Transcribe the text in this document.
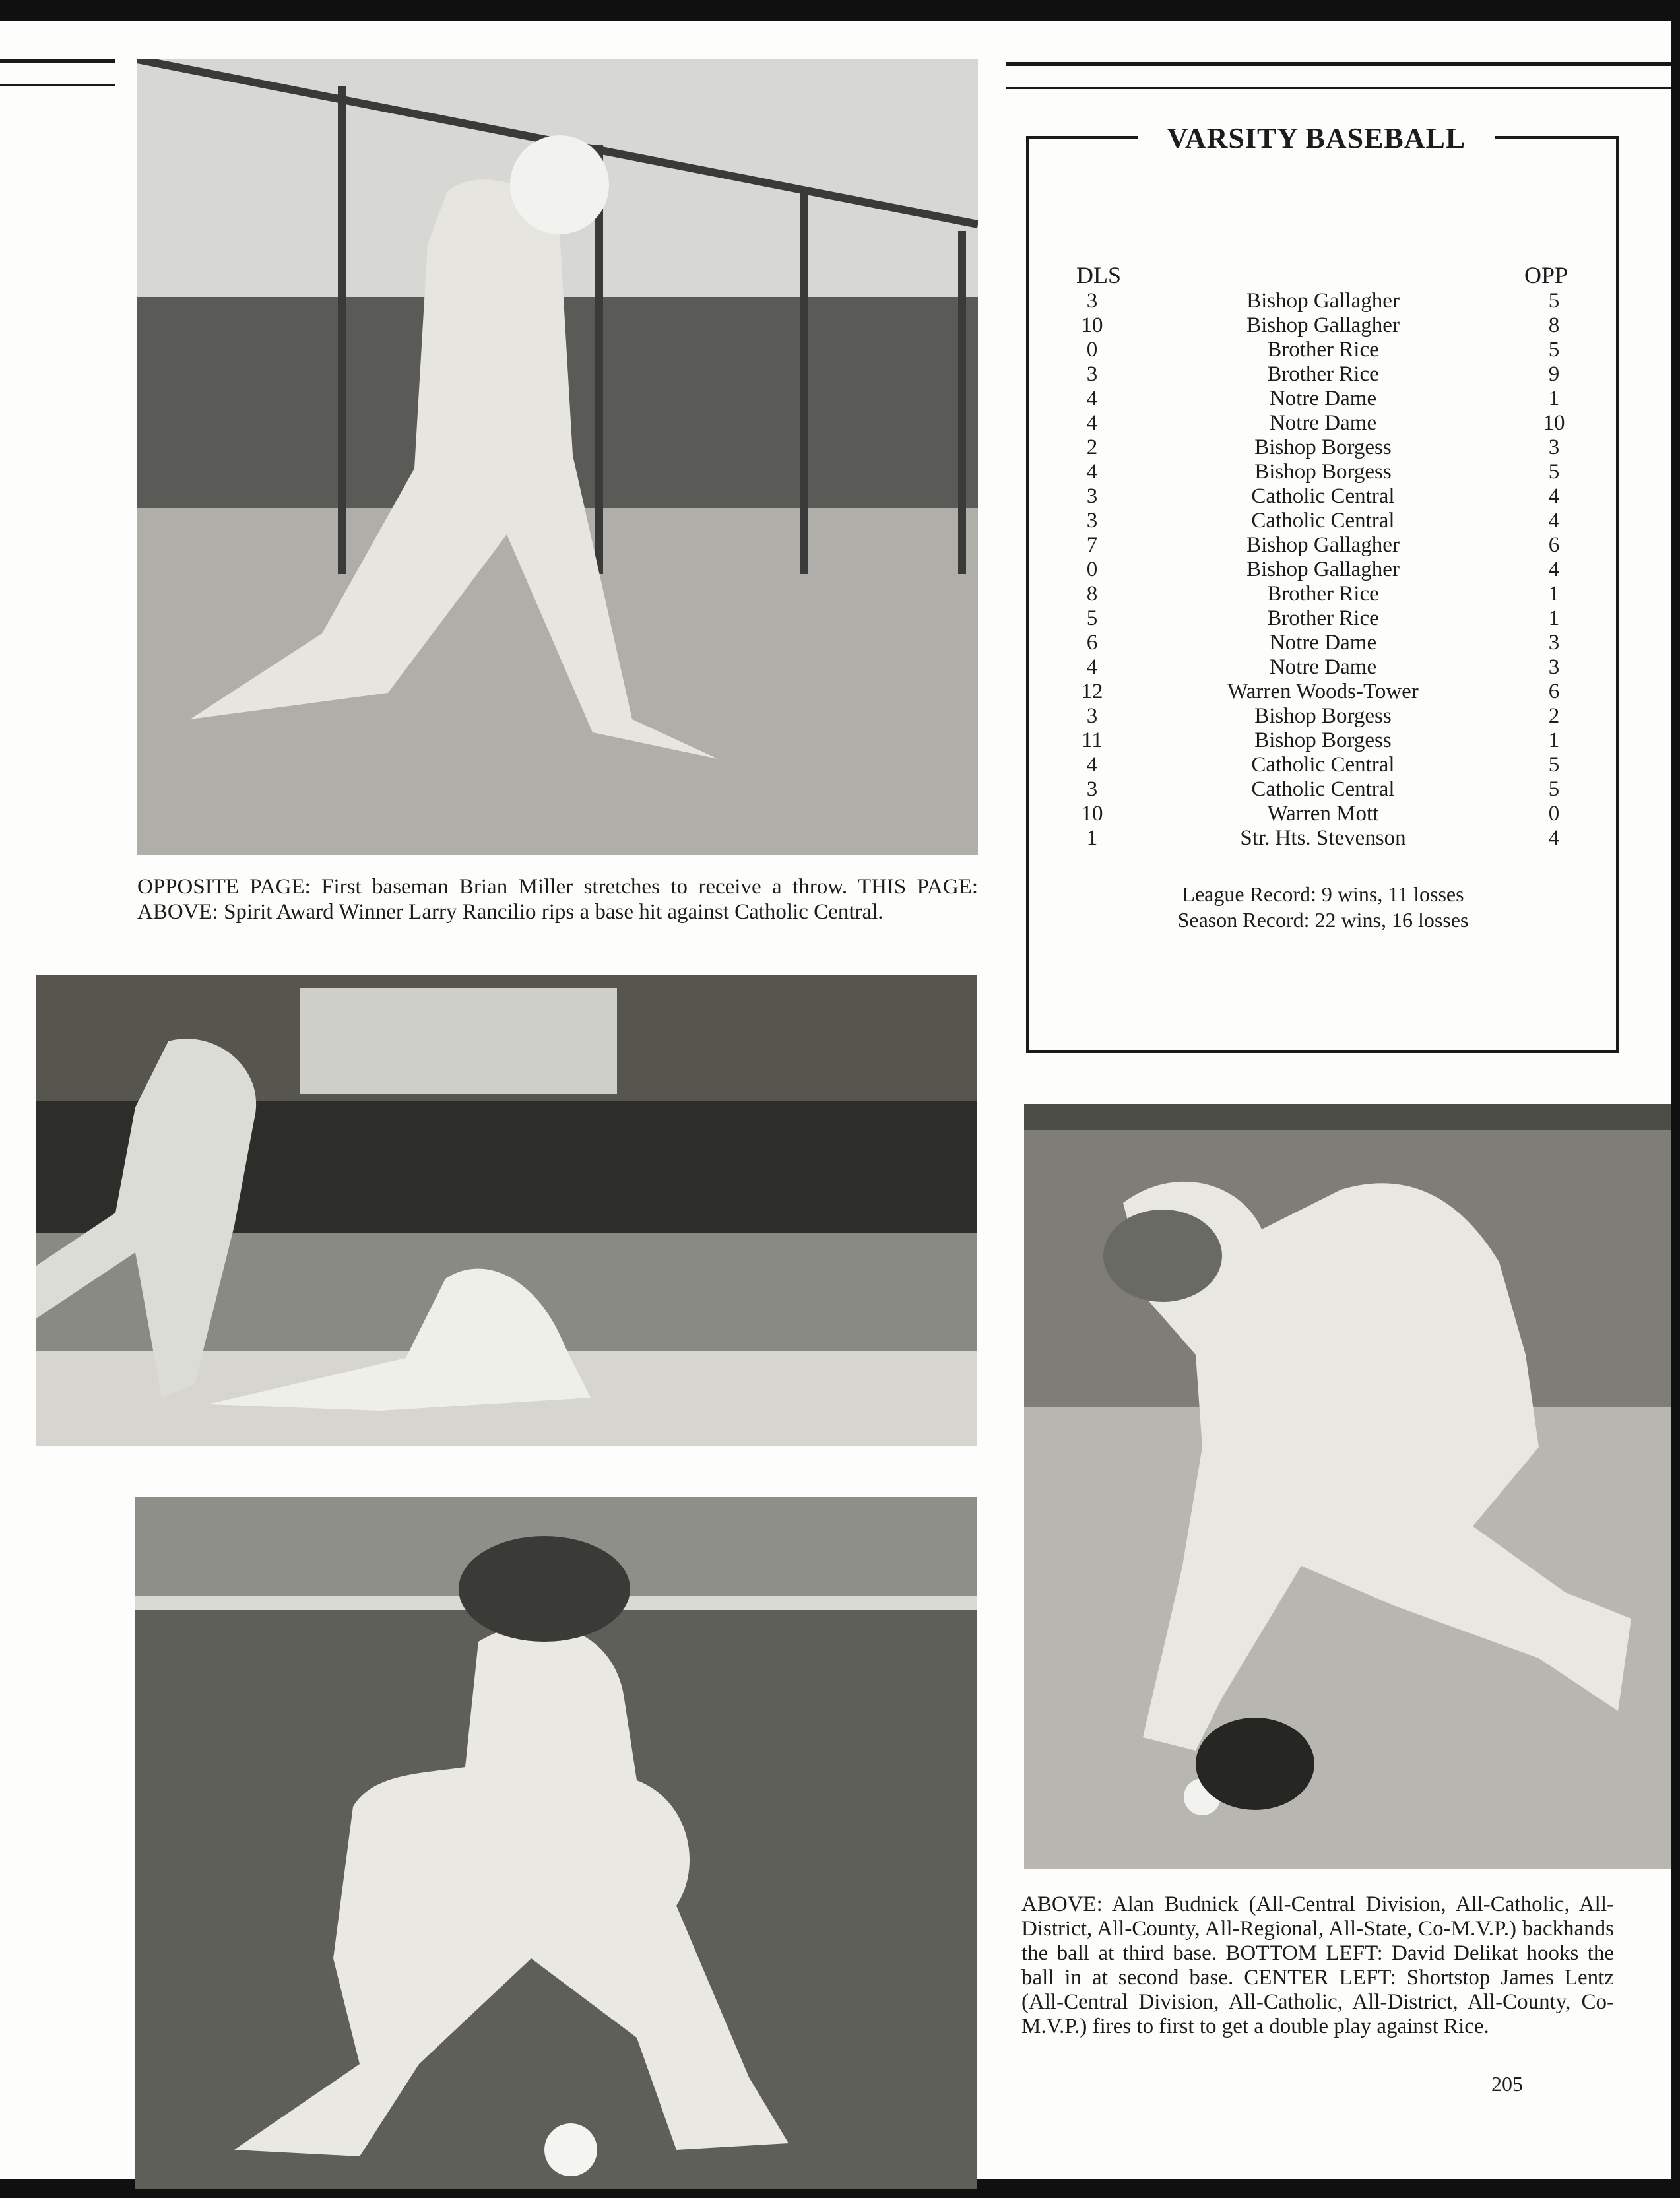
OPPOSITE PAGE: First baseman Brian Miller stretches to receive a throw. THIS PAGE: ABOVE: Spirit Award Winner Larry Rancilio rips a base hit against Catholic Central.
VARSITY BASEBALL
DLS	OPP
3	Bishop Gallagher	5
10	Bishop Gallagher	8
0	Brother Rice	5
3	Brother Rice	9
4	Notre Dame	1
4	Notre Dame	10
2	Bishop Borgess	3
4	Bishop Borgess	5
3	Catholic Central	4
3	Catholic Central	4
7	Bishop Gallagher	6
0	Bishop Gallagher	4
8	Brother Rice	1
5	Brother Rice	1
6	Notre Dame	3
4	Notre Dame	3
12	Warren Woods-Tower	6
3	Bishop Borgess	2
11	Bishop Borgess	1
4	Catholic Central	5
3	Catholic Central	5
10	Warren Mott	0
1	Str. Hts. Stevenson	4
League Record: 9 wins, 11 losses
Season Record: 22 wins, 16 losses
ABOVE: Alan Budnick (All-Central Division, All-Catholic, All-District, All-County, All-Regional, All-State, Co-M.V.P.) backhands the ball at third base. BOTTOM LEFT: David Delikat hooks the ball in at second base. CENTER LEFT: Shortstop James Lentz (All-Central Division, All-Catholic, All-District, All-County, Co-M.V.P.) fires to first to get a double play against Rice.
205
